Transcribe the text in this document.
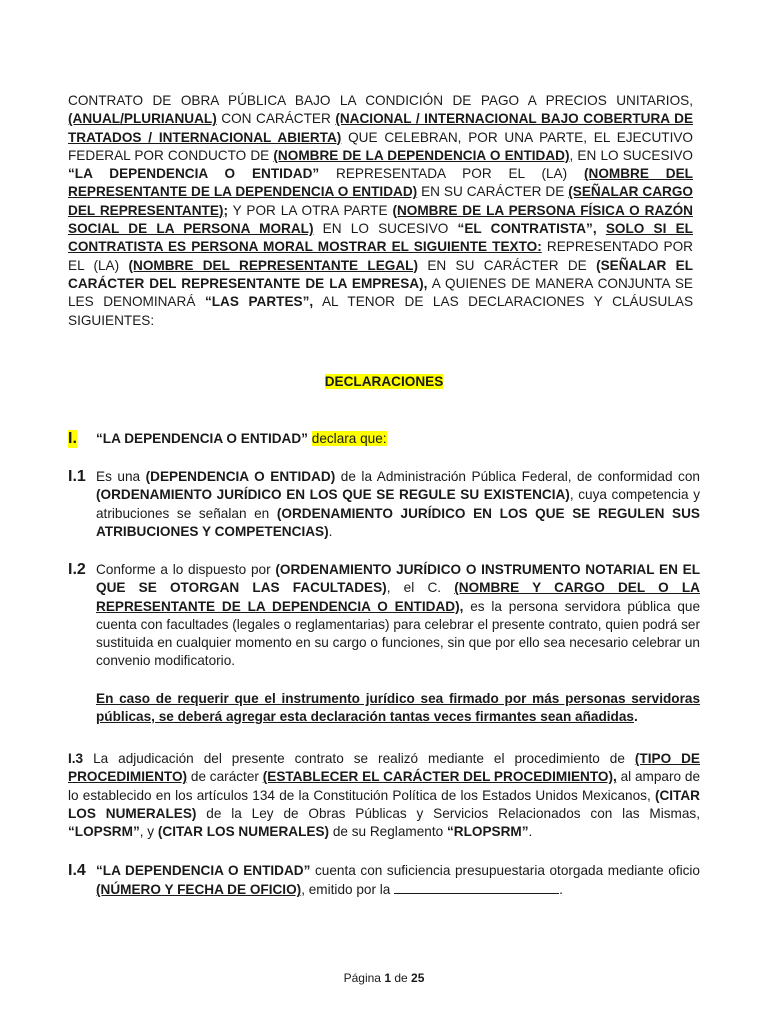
CONTRATO DE OBRA PÚBLICA BAJO LA CONDICIÓN DE PAGO A PRECIOS UNITARIOS, (ANUAL/PLURIANUAL) CON CARÁCTER (NACIONAL / INTERNACIONAL BAJO COBERTURA DE TRATADOS / INTERNACIONAL ABIERTA) QUE CELEBRAN, POR UNA PARTE, EL EJECUTIVO FEDERAL POR CONDUCTO DE (NOMBRE DE LA DEPENDENCIA O ENTIDAD), EN LO SUCESIVO “LA DEPENDENCIA O ENTIDAD” REPRESENTADA POR EL (LA) (NOMBRE DEL REPRESENTANTE DE LA DEPENDENCIA O ENTIDAD) EN SU CARÁCTER DE (SEÑALAR CARGO DEL REPRESENTANTE); Y POR LA OTRA PARTE (NOMBRE DE LA PERSONA FÍSICA O RAZÓN SOCIAL DE LA PERSONA MORAL) EN LO SUCESIVO “EL CONTRATISTA”, SOLO SI EL CONTRATISTA ES PERSONA MORAL MOSTRAR EL SIGUIENTE TEXTO: REPRESENTADO POR EL (LA) (NOMBRE DEL REPRESENTANTE LEGAL) EN SU CARÁCTER DE (SEÑALAR EL CARÁCTER DEL REPRESENTANTE DE LA EMPRESA), A QUIENES DE MANERA CONJUNTA SE LES DENOMINARÁ “LAS PARTES”, AL TENOR DE LAS DECLARACIONES Y CLÁUSULAS SIGUIENTES:

DECLARACIONES
I. “LA DEPENDENCIA O ENTIDAD” declara que:

I.1 Es una (DEPENDENCIA O ENTIDAD) de la Administración Pública Federal, de conformidad con (ORDENAMIENTO JURÍDICO EN LOS QUE SE REGULE SU EXISTENCIA), cuya competencia y atribuciones se señalan en (ORDENAMIENTO JURÍDICO EN LOS QUE SE REGULEN SUS ATRIBUCIONES Y COMPETENCIAS).

I.2 Conforme a lo dispuesto por (ORDENAMIENTO JURÍDICO O INSTRUMENTO NOTARIAL EN EL QUE SE OTORGAN LAS FACULTADES), el C. (NOMBRE Y CARGO DEL O LA REPRESENTANTE DE LA DEPENDENCIA O ENTIDAD), es la persona servidora pública que cuenta con facultades (legales o reglamentarias) para celebrar el presente contrato, quien podrá ser sustituida en cualquier momento en su cargo o funciones, sin que por ello sea necesario celebrar un convenio modificatorio.

En caso de requerir que el instrumento jurídico sea firmado por más personas servidoras públicas, se deberá agregar esta declaración tantas veces firmantes sean añadidas.

I.3 La adjudicación del presente contrato se realizó mediante el procedimiento de (TIPO DE PROCEDIMIENTO) de carácter (ESTABLECER EL CARÁCTER DEL PROCEDIMIENTO), al amparo de lo establecido en los artículos 134 de la Constitución Política de los Estados Unidos Mexicanos, (CITAR LOS NUMERALES) de la Ley de Obras Públicas y Servicios Relacionados con las Mismas, “LOPSRM”, y (CITAR LOS NUMERALES) de su Reglamento “RLOPSRM”.

I.4 “LA DEPENDENCIA O ENTIDAD” cuenta con suficiencia presupuestaria otorgada mediante oficio (NÚMERO Y FECHA DE OFICIO), emitido por la	.

Página 1 de 25
